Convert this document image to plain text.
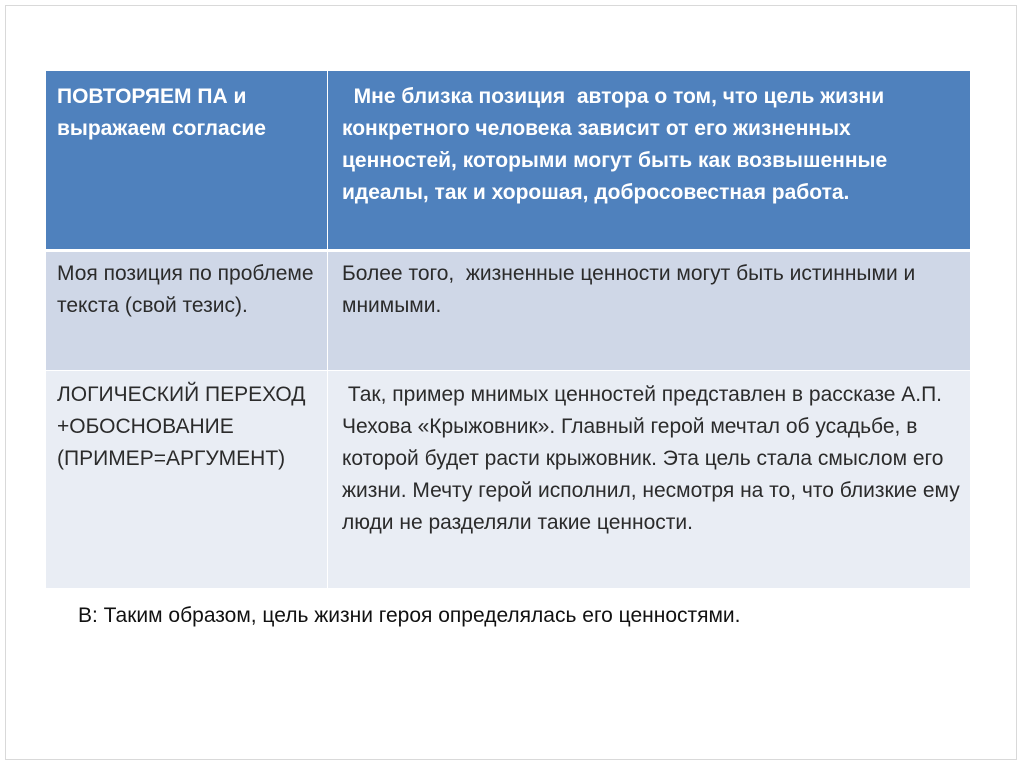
ПОВТОРЯЕМ ПА и выражаем согласие	Мне близка позиция  автора о том, что цель жизни конкретного человека зависит от его жизненных ценностей, которыми могут быть как возвышенные идеалы, так и хорошая, добросовестная работа.
Моя позиция по проблеме текста (свой тезис).	Более того,  жизненные ценности могут быть истинными и мнимыми.
ЛОГИЧЕСКИЙ ПЕРЕХОД +ОБОСНОВАНИЕ (ПРИМЕР=АРГУМЕНТ)	Так, пример мнимых ценностей представлен в рассказе А.П. Чехова «Крыжовник». Главный герой мечтал об усадьбе, в которой будет расти крыжовник. Эта цель стала смыслом его жизни. Мечту герой исполнил, несмотря на то, что близкие ему люди не разделяли такие ценности.

В: Таким образом, цель жизни героя определялась его ценностями.
